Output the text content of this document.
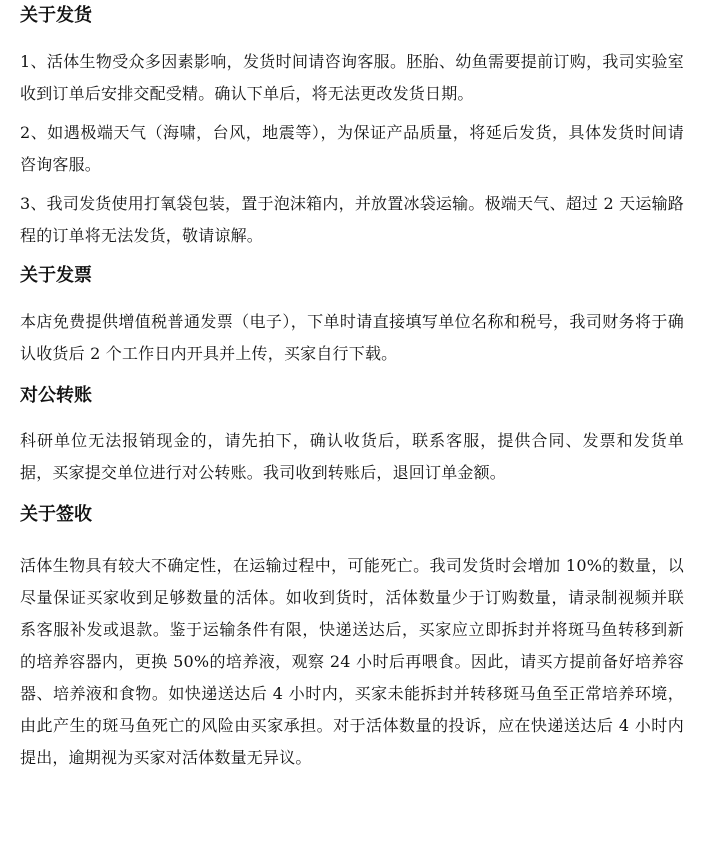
关于发货

1、活体生物受众多因素影响，发货时间请咨询客服。胚胎、幼鱼需要提前订购，我司实验室收到订单后安排交配受精。确认下单后，将无法更改发货日期。

2、如遇极端天气（海啸，台风，地震等），为保证产品质量，将延后发货，具体发货时间请咨询客服。

3、我司发货使用打氧袋包装，置于泡沫箱内，并放置冰袋运输。极端天气、超过 2 天运输路程的订单将无法发货，敬请谅解。

关于发票

本店免费提供增值税普通发票（电子），下单时请直接填写单位名称和税号，我司财务将于确认收货后 2 个工作日内开具并上传，买家自行下载。

对公转账

科研单位无法报销现金的，请先拍下，确认收货后，联系客服，提供合同、发票和发货单据，买家提交单位进行对公转账。我司收到转账后，退回订单金额。

关于签收

活体生物具有较大不确定性，在运输过程中，可能死亡。我司发货时会增加 10%的数量，以尽量保证买家收到足够数量的活体。如收到货时，活体数量少于订购数量，请录制视频并联系客服补发或退款。鉴于运输条件有限，快递送达后，买家应立即拆封并将斑马鱼转移到新的培养容器内，更换 50%的培养液，观察 24 小时后再喂食。因此，请买方提前备好培养容器、培养液和食物。如快递送达后 4 小时内，买家未能拆封并转移斑马鱼至正常培养环境，由此产生的斑马鱼死亡的风险由买家承担。对于活体数量的投诉，应在快递送达后 4 小时内提出，逾期视为买家对活体数量无异议。
